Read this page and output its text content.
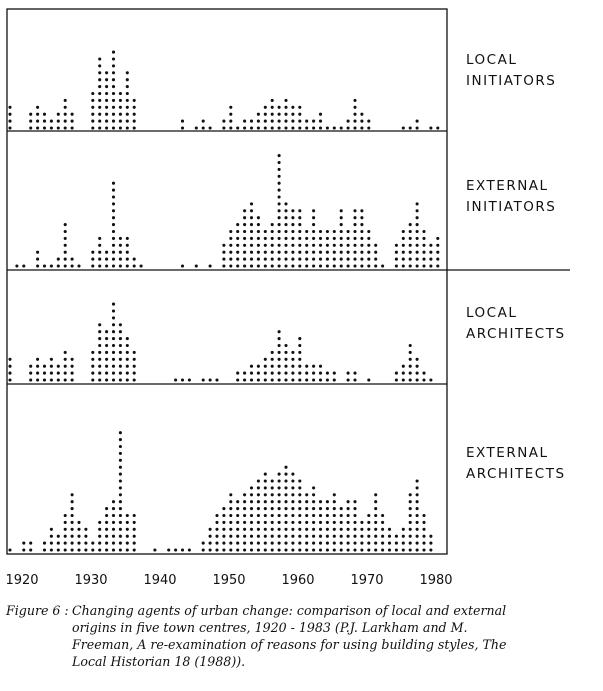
1920	1930	1940	1950	1960	1970	1980
LOCAL
INITIATORS
EXTERNAL
INITIATORS
LOCAL
ARCHITECTS
EXTERNAL
ARCHITECTS
Figure 6 : Changing agents of urban change: comparison of local and external
origins in five town centres, 1920 - 1983 (P.J. Larkham and M.
Freeman, A re-examination of reasons for using building styles, The
Local Historian 18 (1988)).
